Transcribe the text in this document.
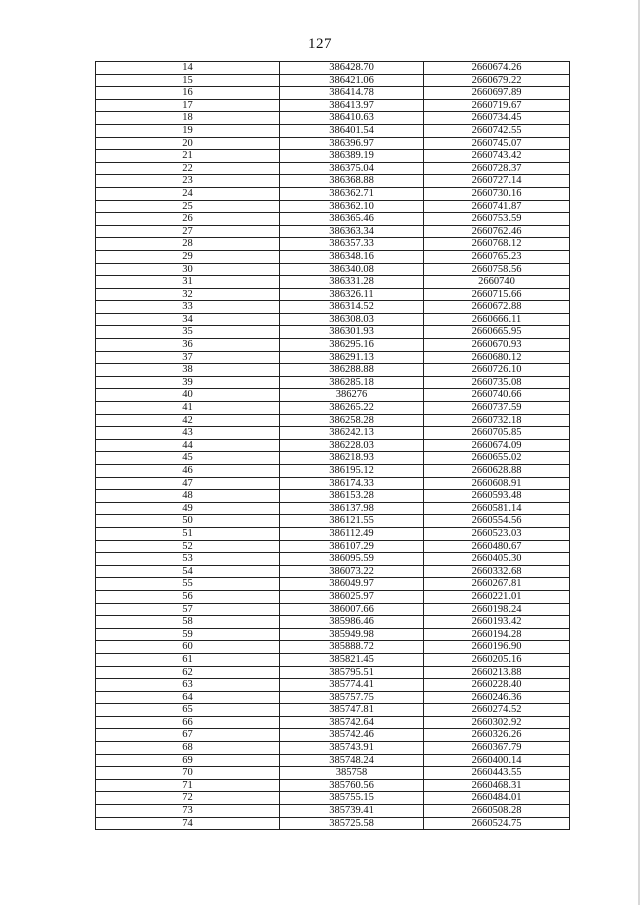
127
14	386428.70	2660674.26
15	386421.06	2660679.22
16	386414.78	2660697.89
17	386413.97	2660719.67
18	386410.63	2660734.45
19	386401.54	2660742.55
20	386396.97	2660745.07
21	386389.19	2660743.42
22	386375.04	2660728.37
23	386368.88	2660727.14
24	386362.71	2660730.16
25	386362.10	2660741.87
26	386365.46	2660753.59
27	386363.34	2660762.46
28	386357.33	2660768.12
29	386348.16	2660765.23
30	386340.08	2660758.56
31	386331.28	2660740
32	386326.11	2660715.66
33	386314.52	2660672.88
34	386308.03	2660666.11
35	386301.93	2660665.95
36	386295.16	2660670.93
37	386291.13	2660680.12
38	386288.88	2660726.10
39	386285.18	2660735.08
40	386276	2660740.66
41	386265.22	2660737.59
42	386258.28	2660732.18
43	386242.13	2660705.85
44	386228.03	2660674.09
45	386218.93	2660655.02
46	386195.12	2660628.88
47	386174.33	2660608.91
48	386153.28	2660593.48
49	386137.98	2660581.14
50	386121.55	2660554.56
51	386112.49	2660523.03
52	386107.29	2660480.67
53	386095.59	2660405.30
54	386073.22	2660332.68
55	386049.97	2660267.81
56	386025.97	2660221.01
57	386007.66	2660198.24
58	385986.46	2660193.42
59	385949.98	2660194.28
60	385888.72	2660196.90
61	385821.45	2660205.16
62	385795.51	2660213.88
63	385774.41	2660228.40
64	385757.75	2660246.36
65	385747.81	2660274.52
66	385742.64	2660302.92
67	385742.46	2660326.26
68	385743.91	2660367.79
69	385748.24	2660400.14
70	385758	2660443.55
71	385760.56	2660468.31
72	385755.15	2660484.01
73	385739.41	2660508.28
74	385725.58	2660524.75
